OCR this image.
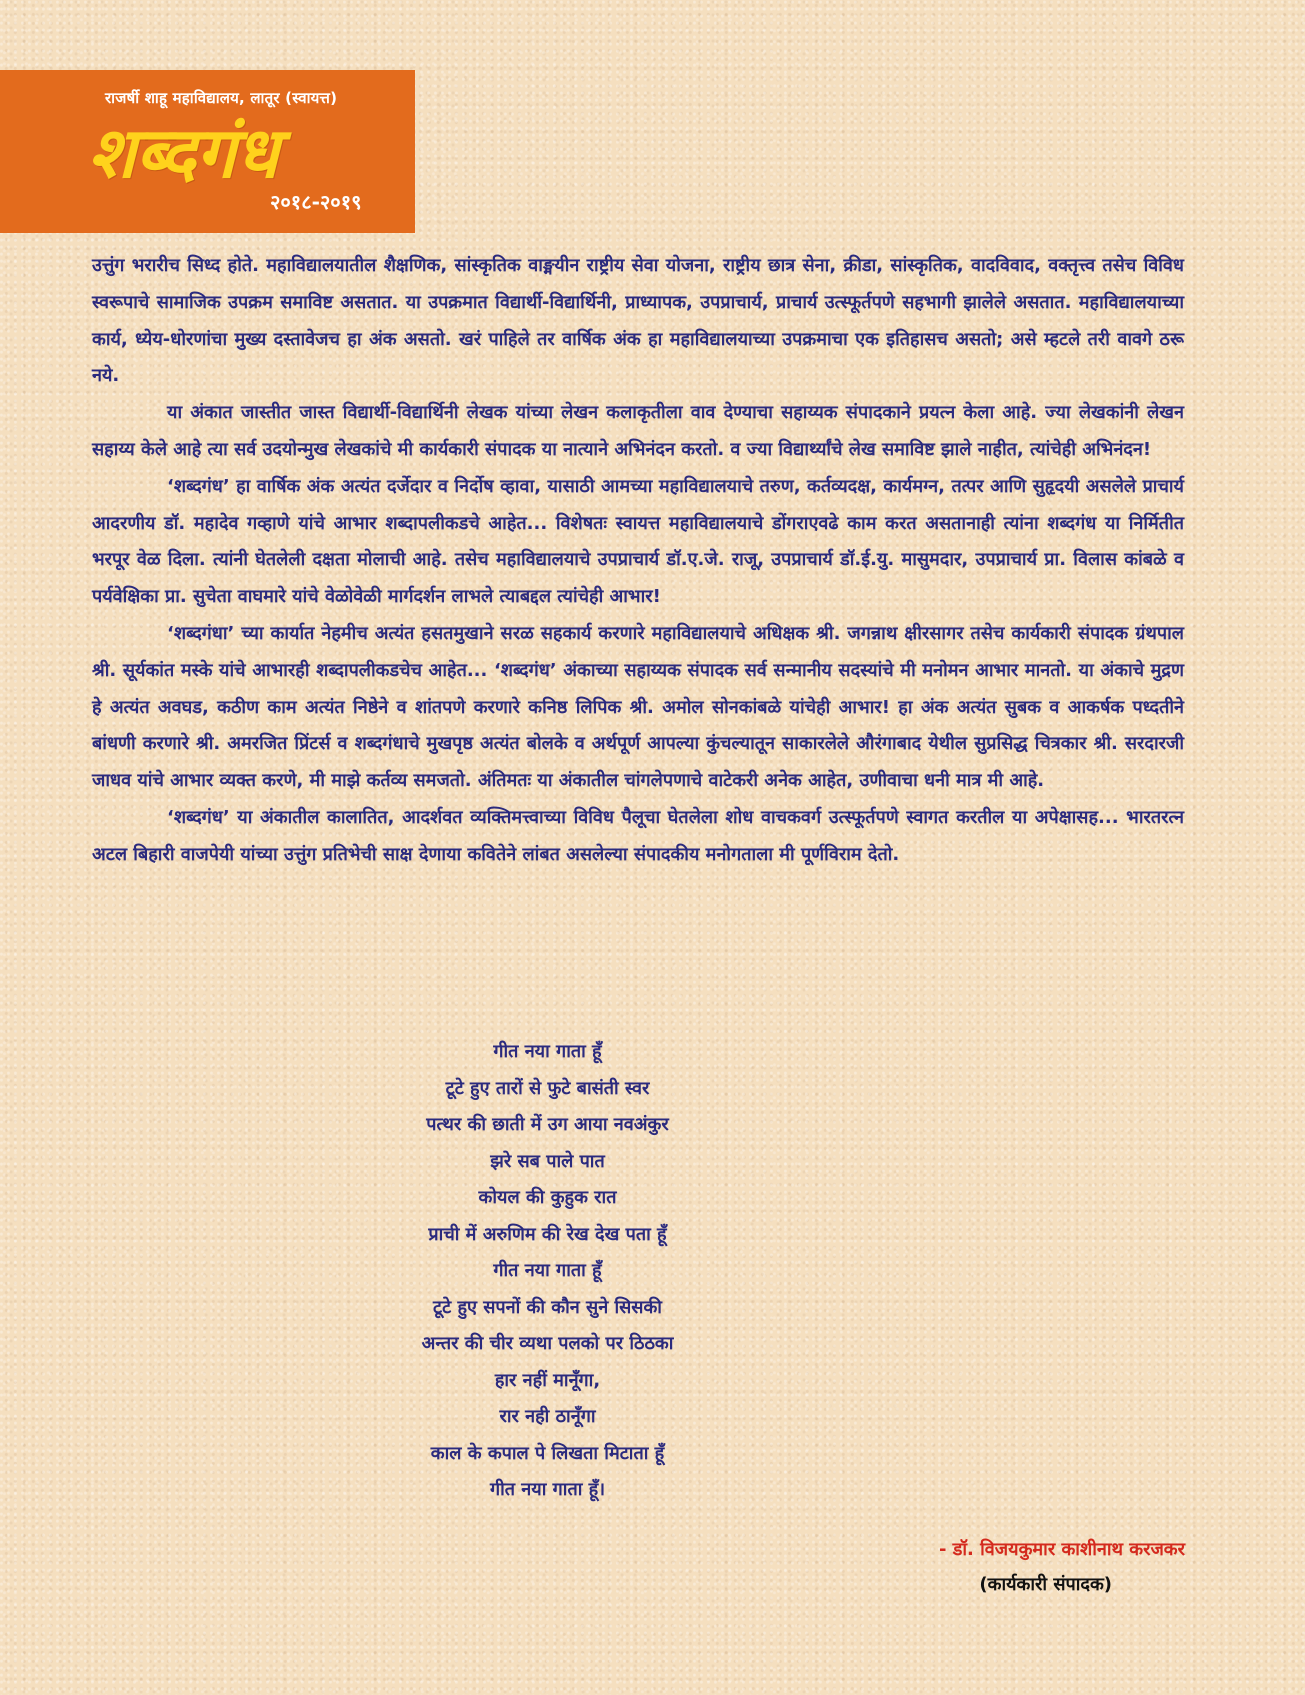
राजर्षी शाहू महाविद्यालय, लातूर (स्वायत्त)
शब्दगंध
२०१८-२०१९

उत्तुंग भरारीच सिध्द होते. महाविद्यालयातील शैक्षणिक, सांस्कृतिक वाङ्मयीन राष्ट्रीय सेवा योजना, राष्ट्रीय छात्र सेना, क्रीडा, सांस्कृतिक, वादविवाद, वक्तृत्त्व तसेच विविध स्वरूपाचे सामाजिक उपक्रम समाविष्ट असतात. या उपक्रमात विद्यार्थी-विद्यार्थिनी, प्राध्यापक, उपप्राचार्य, प्राचार्य उत्स्फूर्तपणे सहभागी झालेले असतात. महाविद्यालयाच्या कार्य, ध्येय-धोरणांचा मुख्य दस्तावेजच हा अंक असतो. खरं पाहिले तर वार्षिक अंक हा महाविद्यालयाच्या उपक्रमाचा एक इतिहासच असतो; असे म्हटले तरी वावगे ठरू नये.

या अंकात जास्तीत जास्त विद्यार्थी-विद्यार्थिनी लेखक यांच्या लेखन कलाकृतीला वाव देण्याचा सहाय्यक संपादकाने प्रयत्न केला आहे. ज्या लेखकांनी लेखन सहाय्य केले आहे त्या सर्व उदयोन्मुख लेखकांचे मी कार्यकारी संपादक या नात्याने अभिनंदन करतो. व ज्या विद्यार्थ्यांचे लेख समाविष्ट झाले नाहीत, त्यांचेही अभिनंदन!

‘शब्दगंध’ हा वार्षिक अंक अत्यंत दर्जेदार व निर्दोष व्हावा, यासाठी आमच्या महाविद्यालयाचे तरुण, कर्तव्यदक्ष, कार्यमग्न, तत्पर आणि सुहृदयी असलेले प्राचार्य आदरणीय डॉ. महादेव गव्हाणे यांचे आभार शब्दापलीकडचे आहेत... विशेषतः स्वायत्त महाविद्यालयाचे डोंगराएवढे काम करत असतानाही त्यांना शब्दगंध या निर्मितीत भरपूर वेळ दिला. त्यांनी घेतलेली दक्षता मोलाची आहे. तसेच महाविद्यालयाचे उपप्राचार्य डॉ.ए.जे. राजू, उपप्राचार्य डॉ.ई.यु. मासुमदार, उपप्राचार्य प्रा. विलास कांबळे व पर्यवेक्षिका प्रा. सुचेता वाघमारे यांचे वेळोवेळी मार्गदर्शन लाभले त्याबद्दल त्यांचेही आभार!

‘शब्दगंधा’ च्या कार्यात नेहमीच अत्यंत हसतमुखाने सरळ सहकार्य करणारे महाविद्यालयाचे अधिक्षक श्री. जगन्नाथ क्षीरसागर तसेच कार्यकारी संपादक ग्रंथपाल श्री. सूर्यकांत मस्के यांचे आभारही शब्दापलीकडचेच आहेत... ‘शब्दगंध’ अंकाच्या सहाय्यक संपादक सर्व सन्मानीय सदस्यांचे मी मनोमन आभार मानतो. या अंकाचे मुद्रण हे अत्यंत अवघड, कठीण काम अत्यंत निष्ठेने व शांतपणे करणारे कनिष्ठ लिपिक श्री. अमोल सोनकांबळे यांचेही आभार! हा अंक अत्यंत सुबक व आकर्षक पध्दतीने बांधणी करणारे श्री. अमरजित प्रिंटर्स व शब्दगंधाचे मुखपृष्ठ अत्यंत बोलके व अर्थपूर्ण आपल्या कुंचल्यातून साकारलेले औरंगाबाद येथील सुप्रसिद्ध चित्रकार श्री. सरदारजी जाधव यांचे आभार व्यक्त करणे, मी माझे कर्तव्य समजतो. अंतिमतः या अंकातील चांगलेपणाचे वाटेकरी अनेक आहेत, उणीवाचा धनी मात्र मी आहे.

‘शब्दगंध’ या अंकातील कालातित, आदर्शवत व्यक्तिमत्त्वाच्या विविध पैलूचा घेतलेला शोध वाचकवर्ग उत्स्फूर्तपणे स्वागत करतील या अपेक्षासह... भारतरत्न अटल बिहारी वाजपेयी यांच्या उत्तुंग प्रतिभेची साक्ष देणाया कवितेने लांबत असलेल्या संपादकीय मनोगताला मी पूर्णविराम देतो.

गीत नया गाता हूँ
टूटे हुए तारों से फुटे बासंती स्वर
पत्थर की छाती में उग आया नवअंकुर
झरे सब पाले पात
कोयल की कुहुक रात
प्राची में अरुणिम की रेख देख पता हूँ
गीत नया गाता हूँ
टूटे हुए सपनों की कौन सुने सिसकी
अन्तर की चीर व्यथा पलको पर ठिठका
हार नहीं मानूँगा,
रार नही ठानूँगा
काल के कपाल पे लिखता मिटाता हूँ
गीत नया गाता हूँ।
- डॉ. विजयकुमार काशीनाथ करजकर
(कार्यकारी संपादक)
